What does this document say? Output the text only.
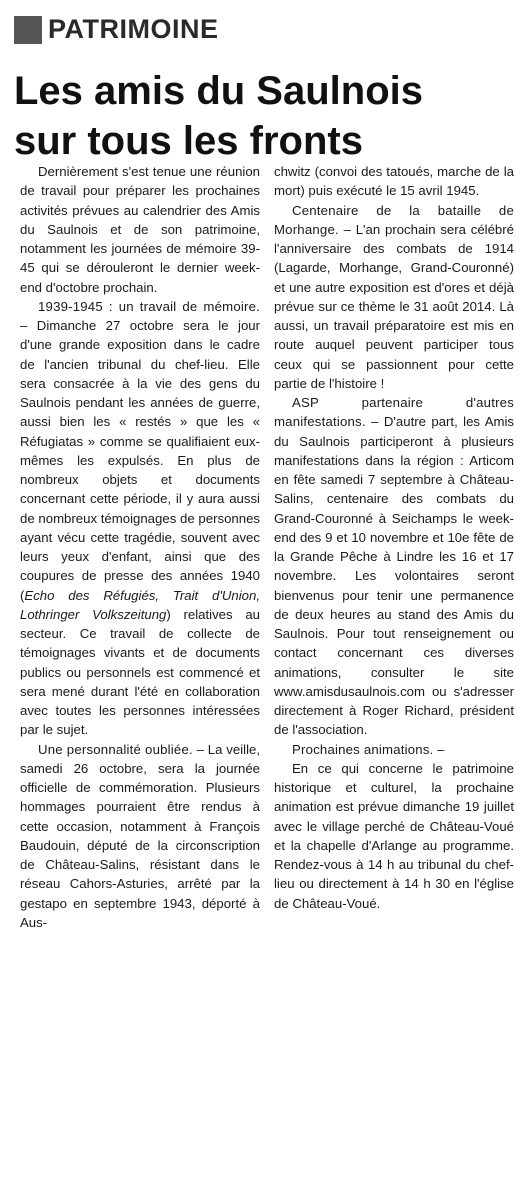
PATRIMOINE
Les amis du Saulnois
sur tous les fronts

Dernièrement s'est tenue une réunion de travail pour préparer les prochaines activités prévues au calendrier des Amis du Saulnois et de son patrimoine, notamment les journées de mémoire 39-45 qui se dérouleront le dernier week-end d'octobre prochain.

1939-1945 : un travail de mémoire. – Dimanche 27 octobre sera le jour d'une grande exposition dans le cadre de l'ancien tribunal du chef-lieu. Elle sera consacrée à la vie des gens du Saulnois pendant les années de guerre, aussi bien les « restés » que les « Réfugiatas » comme se qualifiaient eux-mêmes les expulsés. En plus de nombreux objets et documents concernant cette période, il y aura aussi de nombreux témoignages de personnes ayant vécu cette tragédie, souvent avec leurs yeux d'enfant, ainsi que des coupures de presse des années 1940 (Echo des Réfugiés, Trait d'Union, Lothringer Volkszeitung) relatives au secteur. Ce travail de collecte de témoignages vivants et de documents publics ou personnels est commencé et sera mené durant l'été en collaboration avec toutes les personnes intéressées par le sujet.

Une personnalité oubliée. – La veille, samedi 26 octobre, sera la journée officielle de commémoration. Plusieurs hommages pourraient être rendus à cette occasion, notamment à François Baudouin, député de la circonscription de Château-Salins, résistant dans le réseau Cahors-Asturies, arrêté par la gestapo en septembre 1943, déporté à Aus-

chwitz (convoi des tatoués, marche de la mort) puis exécuté le 15 avril 1945.

Centenaire de la bataille de Morhange. – L'an prochain sera célébré l'anniversaire des combats de 1914 (Lagarde, Morhange, Grand-Couronné) et une autre exposition est d'ores et déjà prévue sur ce thème le 31 août 2014. Là aussi, un travail préparatoire est mis en route auquel peuvent participer tous ceux qui se passionnent pour cette partie de l'histoire !

ASP partenaire d'autres manifestations. – D'autre part, les Amis du Saulnois participeront à plusieurs manifestations dans la région : Articom en fête samedi 7 septembre à Château-Salins, centenaire des combats du Grand-Couronné à Seichamps le week-end des 9 et 10 novembre et 10e fête de la Grande Pêche à Lindre les 16 et 17 novembre. Les volontaires seront bienvenus pour tenir une permanence de deux heures au stand des Amis du Saulnois. Pour tout renseignement ou contact concernant ces diverses animations, consulter le site www.amisdusaulnois.com ou s'adresser directement à Roger Richard, président de l'association.

Prochaines animations. –

En ce qui concerne le patrimoine historique et culturel, la prochaine animation est prévue dimanche 19 juillet avec le village perché de Château-Voué et la chapelle d'Arlange au programme. Rendez-vous à 14 h au tribunal du chef-lieu ou directement à 14 h 30 en l'église de Château-Voué.
